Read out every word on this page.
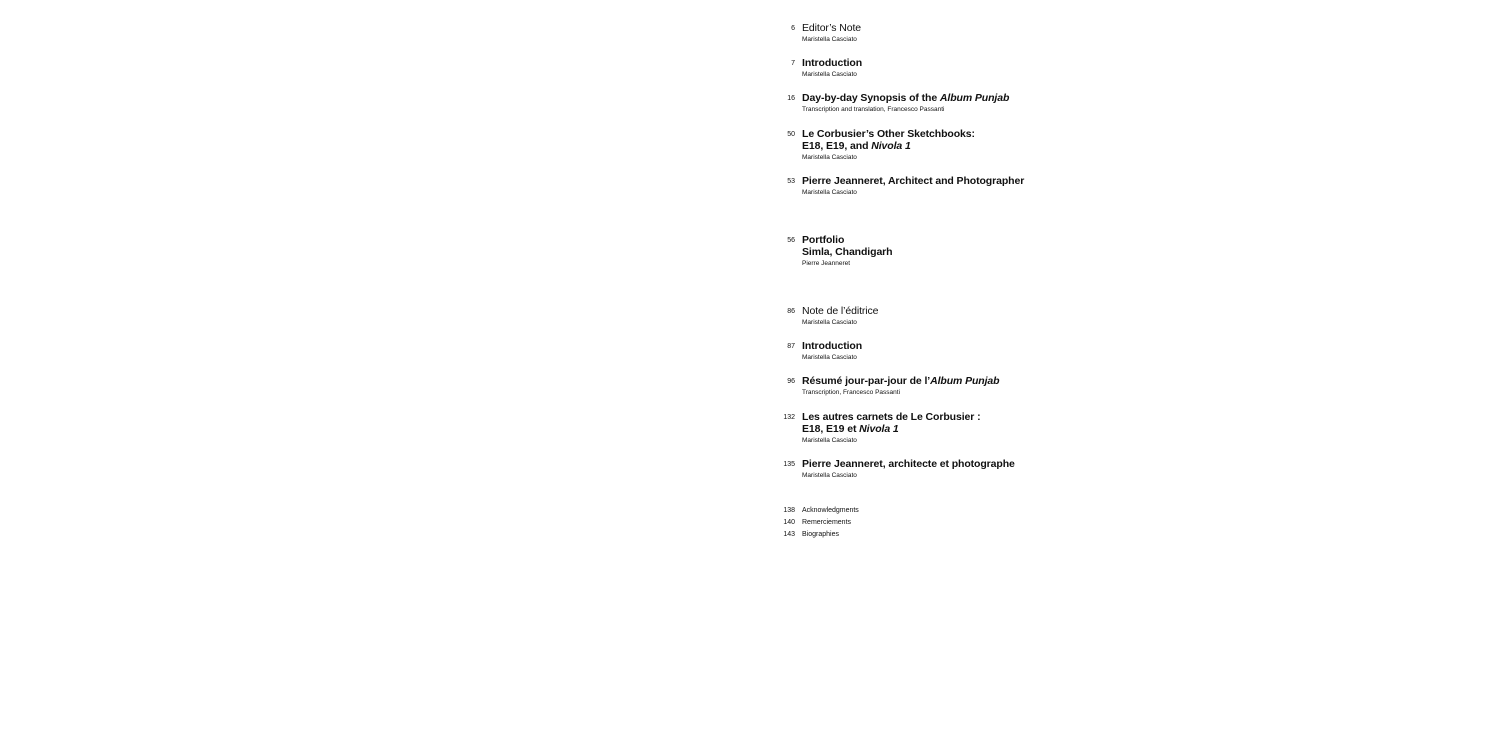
6 Editor’s Note
Maristella Casciato
7 Introduction
Maristella Casciato
16 Day-by-day Synopsis of the Album Punjab
Transcription and translation, Francesco Passanti
50 Le Corbusier’s Other Sketchbooks:
E18, E19, and Nivola 1
Maristella Casciato
53 Pierre Jeanneret, Architect and Photographer
Maristella Casciato
56 Portfolio
Simla, Chandigarh
Pierre Jeanneret
86 Note de l’éditrice
Maristella Casciato
87 Introduction
Maristella Casciato
96 Résumé jour-par-jour de l’Album Punjab
Transcription, Francesco Passanti
132 Les autres carnets de Le Corbusier :
E18, E19 et Nivola 1
Maristella Casciato
135 Pierre Jeanneret, architecte et photographe
Maristella Casciato
138 Acknowledgments
140 Remerciements
143 Biographies
